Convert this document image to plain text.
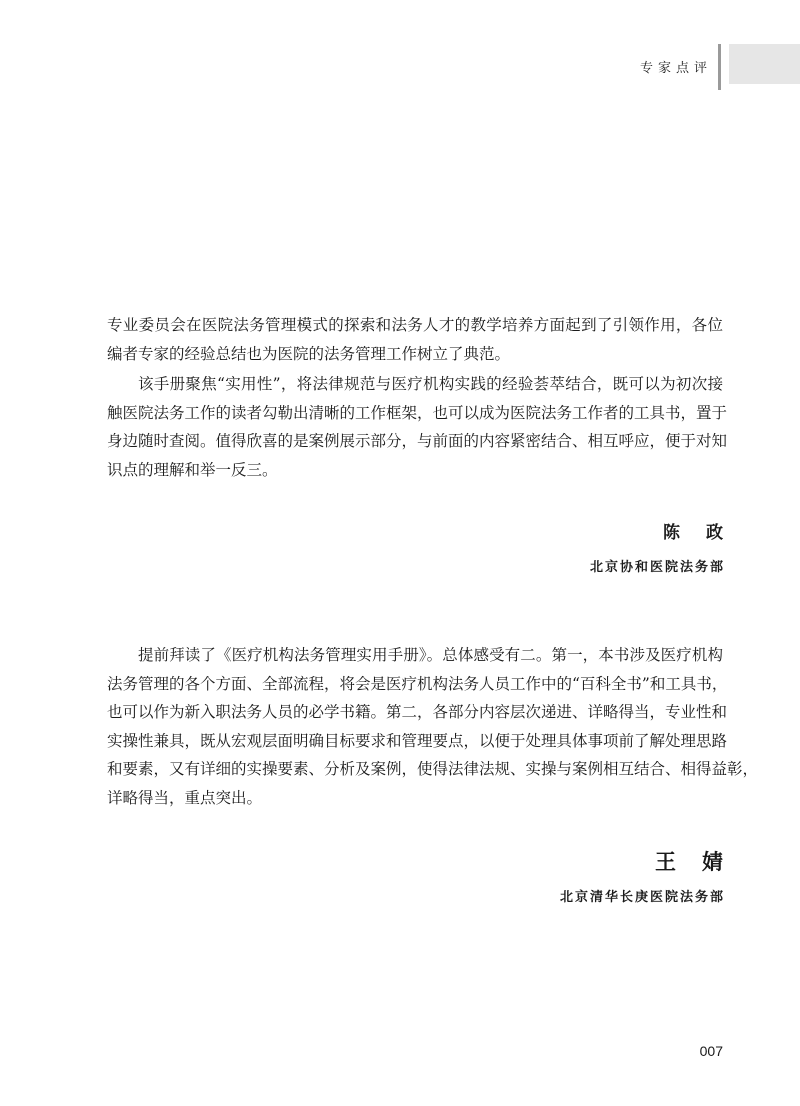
专家点评
专业委员会在医院法务管理模式的探索和法务人才的教学培养方面起到了引领作用，各位
编者专家的经验总结也为医院的法务管理工作树立了典范。
该手册聚焦“实用性”，将法律规范与医疗机构实践的经验荟萃结合，既可以为初次接
触医院法务工作的读者勾勒出清晰的工作框架，也可以成为医院法务工作者的工具书，置于
身边随时查阅。值得欣喜的是案例展示部分，与前面的内容紧密结合、相互呼应，便于对知
识点的理解和举一反三。
陈政
北京协和医院法务部
提前拜读了《医疗机构法务管理实用手册》。总体感受有二。第一，本书涉及医疗机构
法务管理的各个方面、全部流程，将会是医疗机构法务人员工作中的“百科全书”和工具书，
也可以作为新入职法务人员的必学书籍。第二，各部分内容层次递进、详略得当，专业性和
实操性兼具，既从宏观层面明确目标要求和管理要点，以便于处理具体事项前了解处理思路
和要素，又有详细的实操要素、分析及案例，使得法律法规、实操与案例相互结合、相得益彰，
详略得当，重点突出。
王婧
北京清华长庚医院法务部
007
